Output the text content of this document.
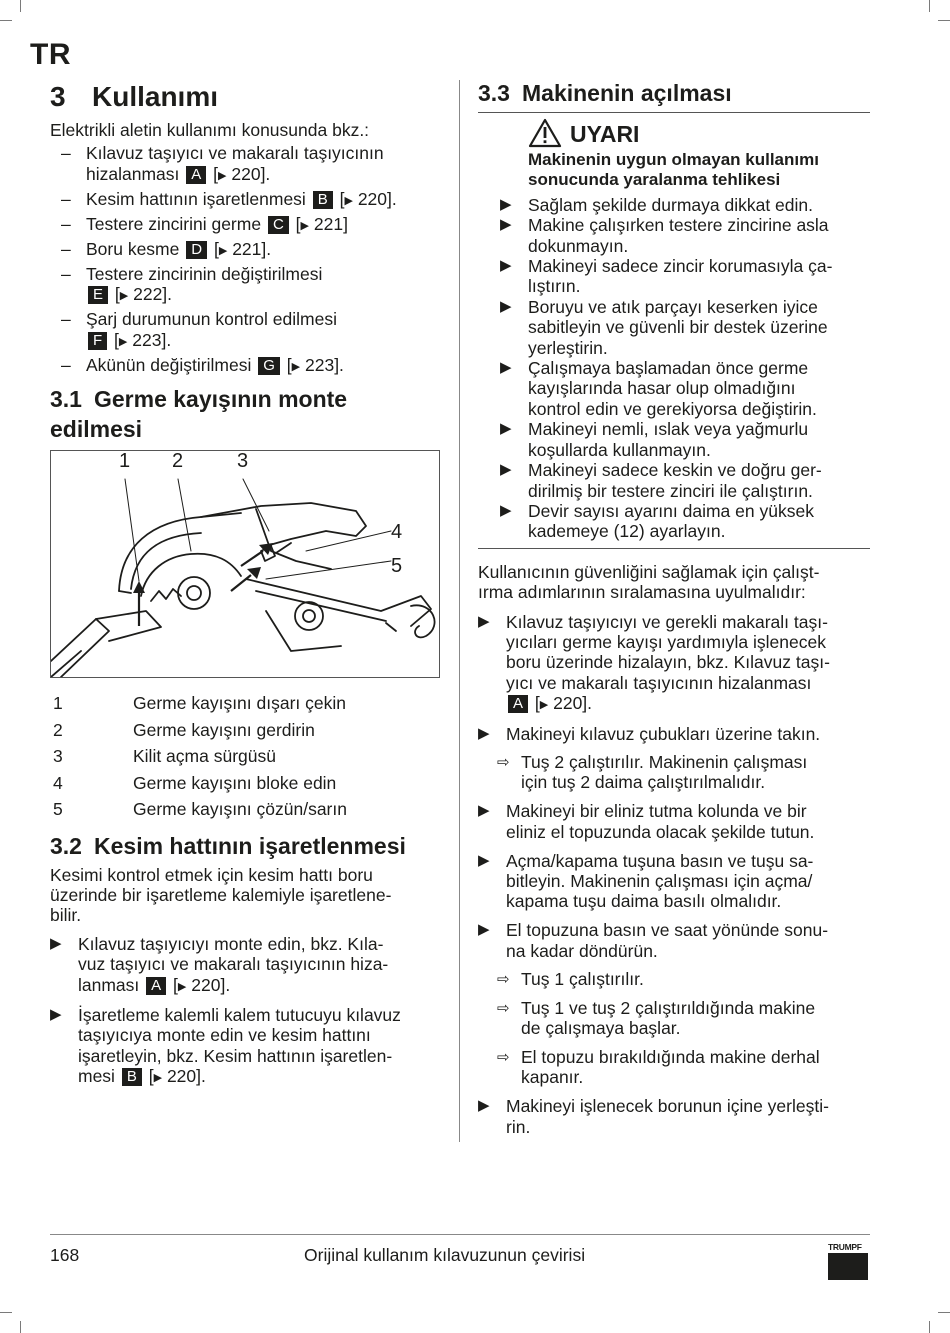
TR
3 Kullanımı
Elektrikli aletin kullanımı konusunda bkz.:
– Kılavuz taşıyıcı ve makaralı taşıyıcının
hizalanması A [▶ 220].
– Kesim hattının işaretlenmesi B [▶ 220].
– Testere zincirini germe C [▶ 221]
– Boru kesme D [▶ 221].
– Testere zincirinin değiştirilmesi
E [▶ 222].
– Şarj durumunun kontrol edilmesi
F [▶ 223].
– Akünün değiştirilmesi G [▶ 223].
3.1 Germe kayışının monte edilmesi
1 2	3
4
5
1	Germe kayışını dışarı çekin
2	Germe kayışını gerdirin
3	Kilit açma sürgüsü
4	Germe kayışını bloke edin
5	Germe kayışını çözün/sarın
3.2 Kesim hattının işaretlenmesi
Kesimi kontrol etmek için kesim hattı boru
üzerinde bir işaretleme kalemiyle işaretlene-
bilir.
▶ Kılavuz taşıyıcıyı monte edin, bkz. Kıla-
vuz taşıyıcı ve makaralı taşıyıcının hiza-
lanması A [▶ 220].
▶ İşaretleme kalemli kalem tutucuyu kılavuz
taşıyıcıya monte edin ve kesim hattını
işaretleyin, bkz. Kesim hattının işaretlen-
mesi B [▶ 220].
3.3 Makinenin açılması
UYARI
Makinenin uygun olmayan kullanımı
sonucunda yaralanma tehlikesi
▶ Sağlam şekilde durmaya dikkat edin.
▶ Makine çalışırken testere zincirine asla
dokunmayın.
▶ Makineyi sadece zincir korumasıyla ça-
lıştırın.
▶ Boruyu ve atık parçayı keserken iyice
sabitleyin ve güvenli bir destek üzerine
yerleştirin.
▶ Çalışmaya başlamadan önce germe
kayışlarında hasar olup olmadığını
kontrol edin ve gerekiyorsa değiştirin.
▶ Makineyi nemli, ıslak veya yağmurlu
koşullarda kullanmayın.
▶ Makineyi sadece keskin ve doğru ger-
dirilmiş bir testere zinciri ile çalıştırın.
▶ Devir sayısı ayarını daima en yüksek
kademeye (12) ayarlayın.
Kullanıcının güvenliğini sağlamak için çalışt-
ırma adımlarının sıralamasına uyulmalıdır:
▶ Kılavuz taşıyıcıyı ve gerekli makaralı taşı-
yıcıları germe kayışı yardımıyla işlenecek
boru üzerinde hizalayın, bkz. Kılavuz taşı-
yıcı ve makaralı taşıyıcının hizalanması
A [▶ 220].
▶ Makineyi kılavuz çubukları üzerine takın.
⇨ Tuş 2 çalıştırılır. Makinenin çalışması
için tuş 2 daima çalıştırılmalıdır.
▶ Makineyi bir eliniz tutma kolunda ve bir
eliniz el topuzunda olacak şekilde tutun.
▶ Açma/kapama tuşuna basın ve tuşu sa-
bitleyin. Makinenin çalışması için açma/
kapama tuşu daima basılı olmalıdır.
▶ El topuzuna basın ve saat yönünde sonu-
na kadar döndürün.
⇨ Tuş 1 çalıştırılır.
⇨ Tuş 1 ve tuş 2 çalıştırıldığında makine
de çalışmaya başlar.
⇨ El topuzu bırakıldığında makine derhal
kapanır.
▶ Makineyi işlenecek borunun içine yerleşti-
rin.
168	Orijinal kullanım kılavuzunun çevirisi	TRUMPF
